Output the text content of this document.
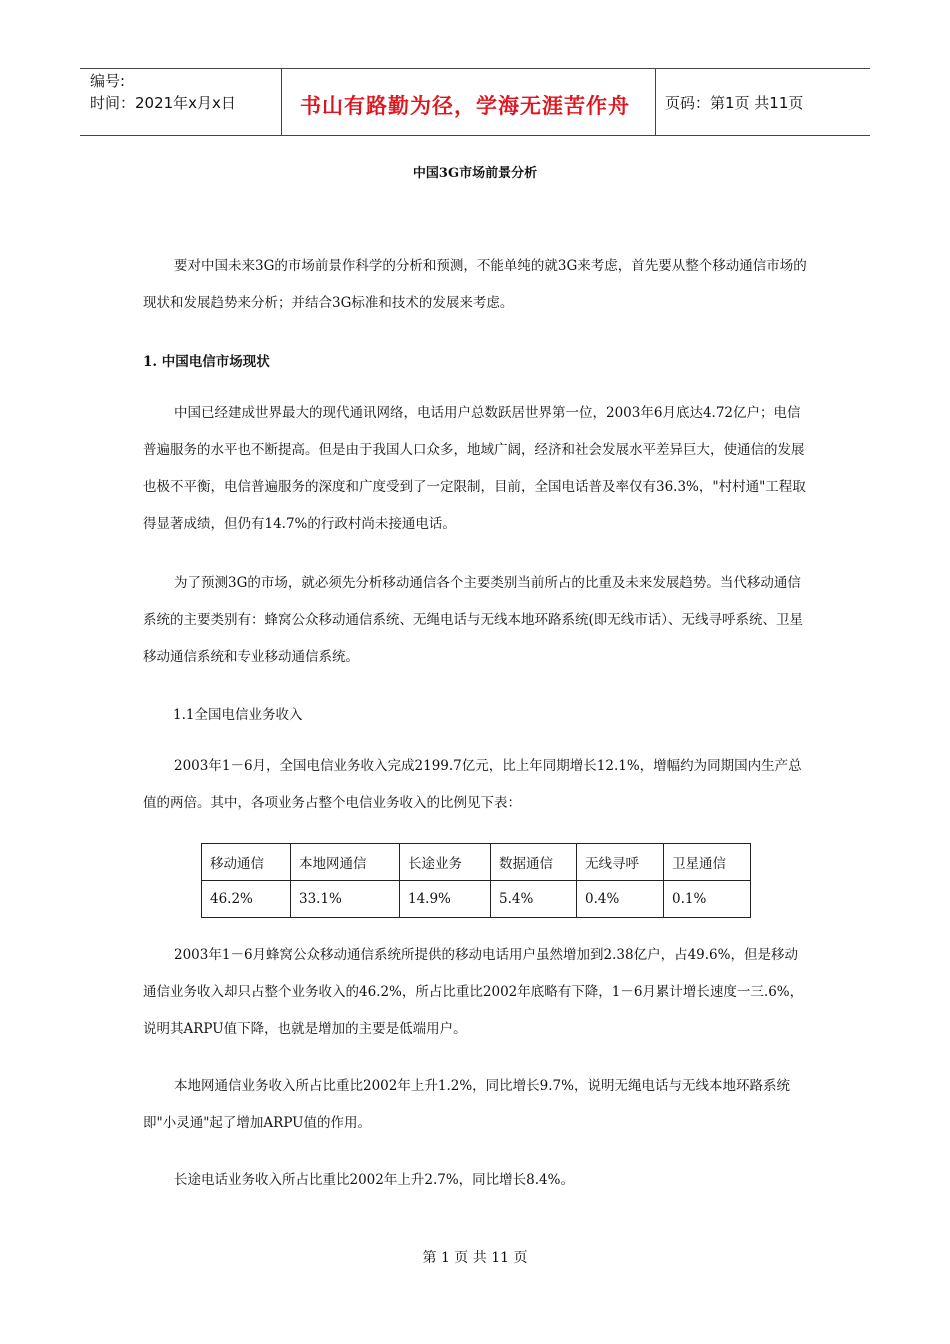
编号:
时间：2021年x月x日	书山有路勤为径，学海无涯苦作舟 页码：第1页 共11页
中国3G市场前景分析

要对中国未来3G的市场前景作科学的分析和预测，不能单纯的就3G来考虑，首先要从整个移动通信市场的现状和发展趋势来分析；并结合3G标准和技术的发展来考虑。

1. 中国电信市场现状

中国已经建成世界最大的现代通讯网络，电话用户总数跃居世界第一位，2003年6月底达4.72亿户；电信普遍服务的水平也不断提高。但是由于我国人口众多，地域广阔，经济和社会发展水平差异巨大，使通信的发展也极不平衡，电信普遍服务的深度和广度受到了一定限制，目前，全国电话普及率仅有36.3%，"村村通"工程取得显著成绩，但仍有14.7%的行政村尚未接通电话。

为了预测3G的市场，就必须先分析移动通信各个主要类别当前所占的比重及未来发展趋势。当代移动通信系统的主要类别有：蜂窝公众移动通信系统、无绳电话与无线本地环路系统(即无线市话）、无线寻呼系统、卫星移动通信系统和专业移动通信系统。

1.1全国电信业务收入

2003年1－6月，全国电信业务收入完成2199.7亿元，比上年同期增长12.1%，增幅约为同期国内生产总值的两倍。其中，各项业务占整个电信业务收入的比例见下表：

移动通信	本地网通信	长途业务	数据通信	无线寻呼	卫星通信
46.2%	33.1%	14.9%	5.4%	0.4%	0.1%

2003年1－6月蜂窝公众移动通信系统所提供的移动电话用户虽然增加到2.38亿户，占49.6%，但是移动通信业务收入却只占整个业务收入的46.2%，所占比重比2002年底略有下降，1－6月累计增长速度一三.6%，说明其ARPU值下降，也就是增加的主要是低端用户。

本地网通信业务收入所占比重比2002年上升1.2%，同比增长9.7%，说明无绳电话与无线本地环路系统即"小灵通"起了增加ARPU值的作用。

长途电话业务收入所占比重比2002年上升2.7%，同比增长8.4%。

第 1 页 共 11 页
